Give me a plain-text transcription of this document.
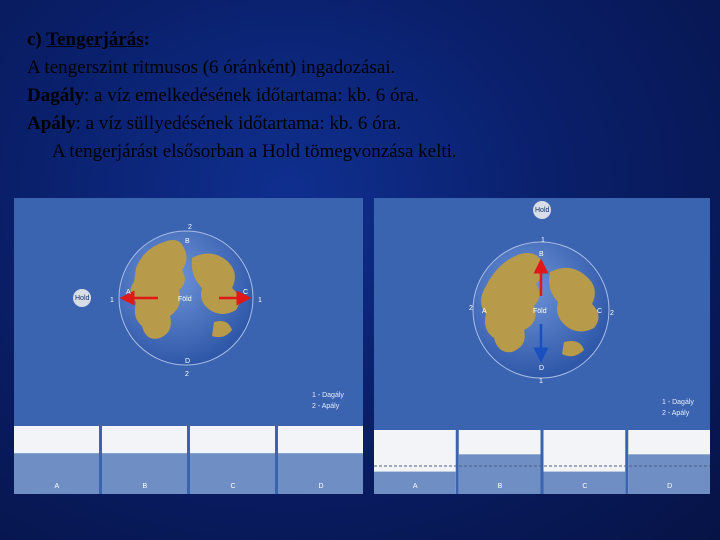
c) Tengerjárás:
A tengerszint ritmusos (6 óránként) ingadozásai.
Dagály: a víz emelkedésének időtartama: kb. 6 óra.
Apály: a víz süllyedésének időtartama: kb. 6 óra.
A tengerjárást elsősorban a Hold tömegvonzása kelti.
Hold	Föld
A
B
C
D
2
1
2
1
1 - Dagály
2 - Apály
A	B	C	D
Hold
Föld
A
B
C
D
1
2
1
2
1 - Dagály
2 - Apály
A	B	C	D
